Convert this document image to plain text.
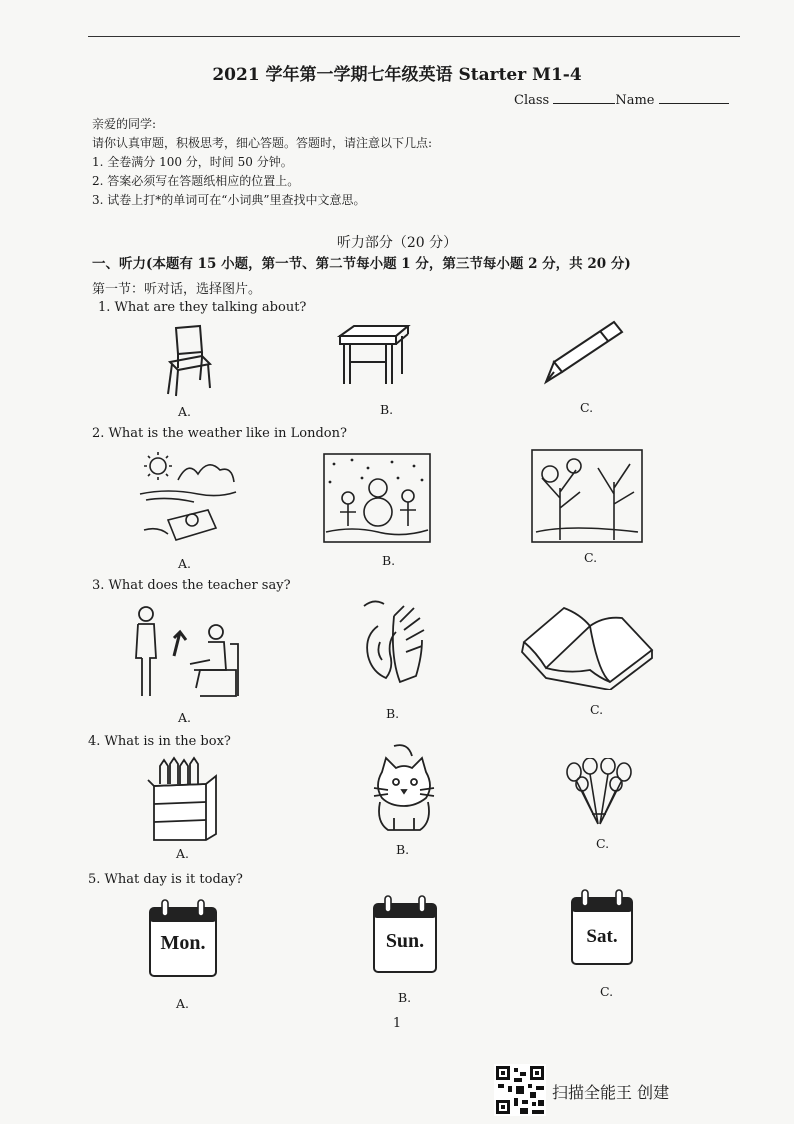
2021 学年第一学期七年级英语 Starter M1-4
Class	Name
亲爱的同学:
请你认真审题，积极思考，细心答题。答题时，请注意以下几点:
1. 全卷满分 100 分，时间 50 分钟。
2. 答案必须写在答题纸相应的位置上。
3. 试卷上打*的单词可在“小词典”里查找中文意思。
听力部分（20 分）
一、听力(本题有 15 小题，第一节、第二节每小题 1 分，第三节每小题 2 分，共 20 分)
第一节：听对话，选择图片。
1. What are they talking about?
A.	B.	C.
2. What is the weather like in London?
A.	B.	C.
3. What does the teacher say?
A.	B.	C.
4. What is in the box?
A.	B.	C.
5. What day is it today?
Mon.	Sun.	Sat.
A.	B.	C.
1
扫描全能王 创建
